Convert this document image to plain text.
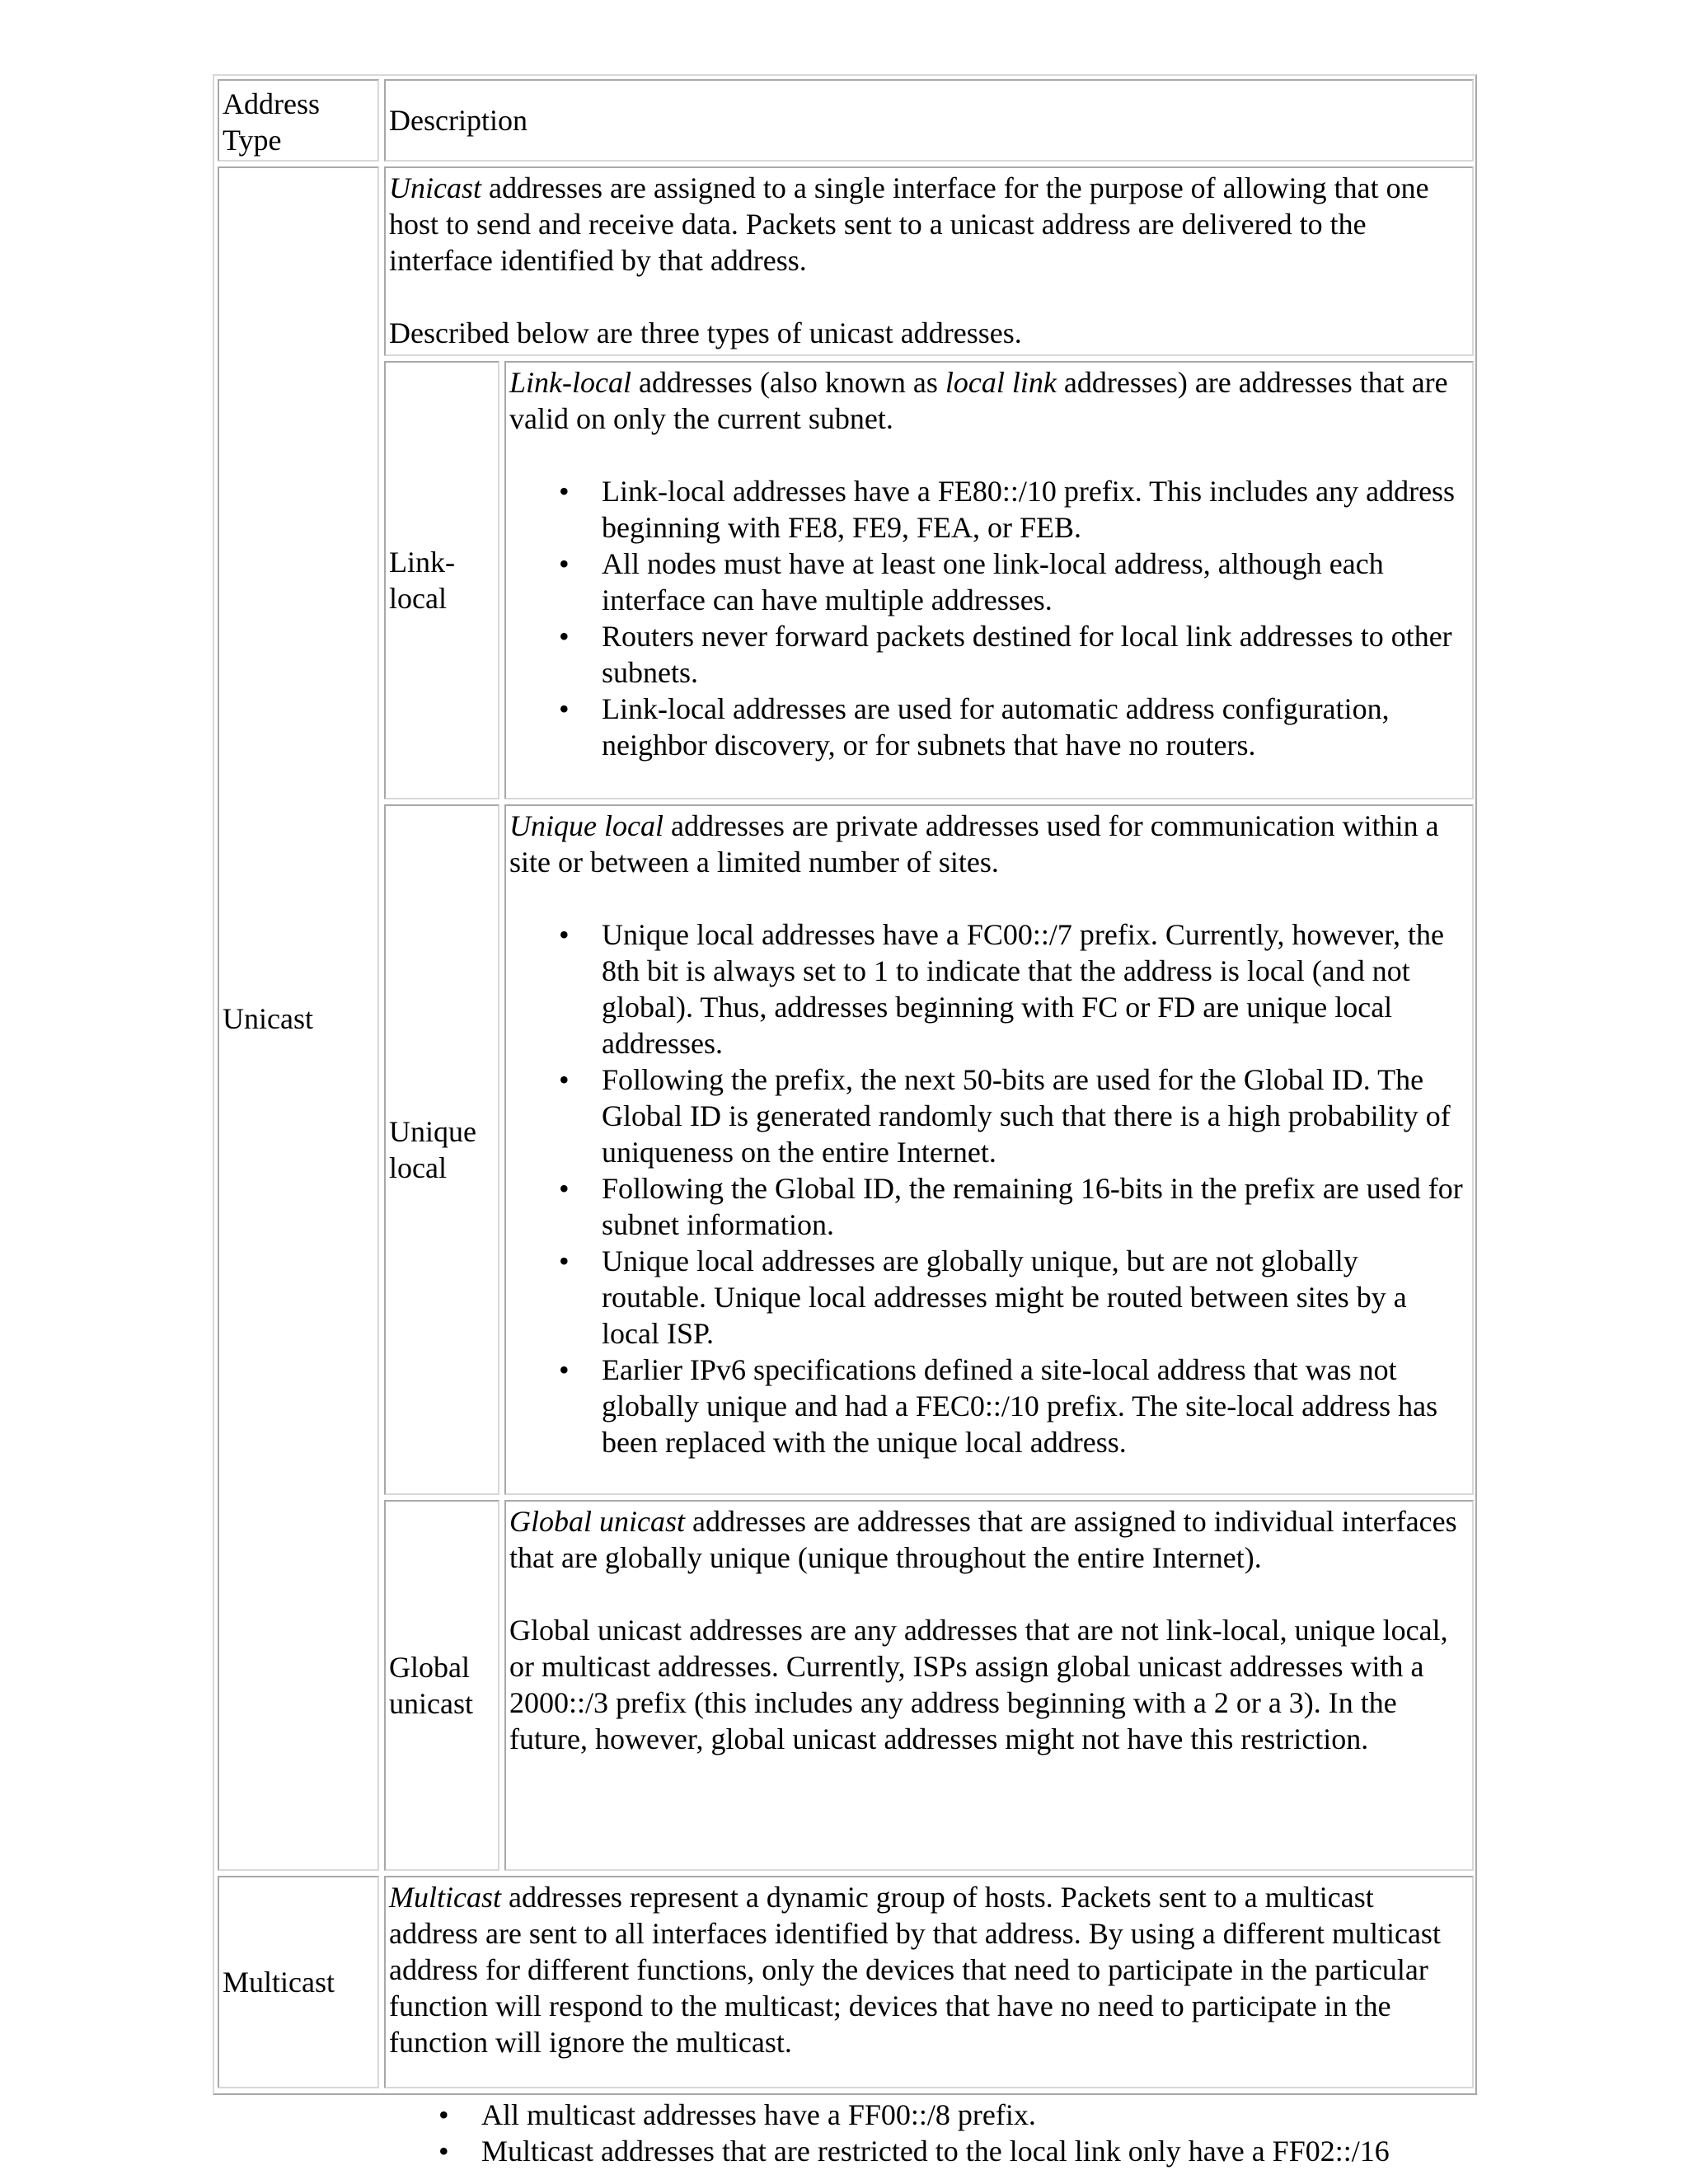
Address Type
Description
Unicast

Unicast addresses are assigned to a single interface for the purpose of allowing that one host to send and receive data. Packets sent to a unicast address are delivered to the interface identified by that address.

Described below are three types of unicast addresses.

Link-local

Link-local addresses (also known as local link addresses) are addresses that are valid on only the current subnet.

• Link-local addresses have a FE80::/10 prefix. This includes any address beginning with FE8, FE9, FEA, or FEB.
• All nodes must have at least one link-local address, although each interface can have multiple addresses.
• Routers never forward packets destined for local link addresses to other subnets.
• Link-local addresses are used for automatic address configuration, neighbor discovery, or for subnets that have no routers.
Unique local

Unique local addresses are private addresses used for communication within a site or between a limited number of sites.

• Unique local addresses have a FC00::/7 prefix. Currently, however, the 8th bit is always set to 1 to indicate that the address is local (and not global). Thus, addresses beginning with FC or FD are unique local addresses.
• Following the prefix, the next 50-bits are used for the Global ID. The Global ID is generated randomly such that there is a high probability of uniqueness on the entire Internet.
• Following the Global ID, the remaining 16-bits in the prefix are used for subnet information.
• Unique local addresses are globally unique, but are not globally routable. Unique local addresses might be routed between sites by a local ISP.
• Earlier IPv6 specifications defined a site-local address that was not globally unique and had a FEC0::/10 prefix. The site-local address has been replaced with the unique local address.
Global unicast

Global unicast addresses are addresses that are assigned to individual interfaces that are globally unique (unique throughout the entire Internet).

Global unicast addresses are any addresses that are not link-local, unique local, or multicast addresses. Currently, ISPs assign global unicast addresses with a 2000::/3 prefix (this includes any address beginning with a 2 or a 3). In the future, however, global unicast addresses might not have this restriction.

Multicast

Multicast addresses represent a dynamic group of hosts. Packets sent to a multicast address are sent to all interfaces identified by that address. By using a different multicast address for different functions, only the devices that need to participate in the particular function will respond to the multicast; devices that have no need to participate in the function will ignore the multicast.

• All multicast addresses have a FF00::/8 prefix.
• Multicast addresses that are restricted to the local link only have a FF02::/16
